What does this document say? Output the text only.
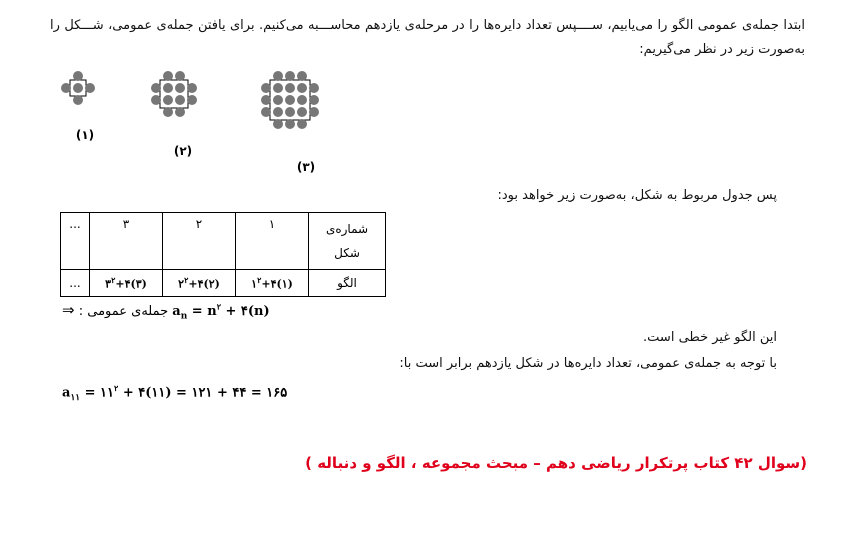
ابتدا جمله‌ی عمومی الگو را می‌یابیم، ســــپس تعداد دایره‌ها را در مرحله‌ی یازدهم محاســـبه می‌کنیم. برای یافتن جمله‌ی عمومی، شـــکل را به‌صورت زیر در نظر می‌گیریم:
(۱)
(۲)
(۳)
پس جدول مربوط به شکل، به‌صورت زیر خواهد بود:
شماره‌ی شکل	۱	۲	۳	...
الگو	$۱^۲+۴(۱)$	$۲^۲+۴(۲)$	$۳^۲+۴(۳)$	...
⇒ جمله‌ی عمومی : $a_n = n^۲$ + ۴(n)
این الگو غیر خطی است.
با توجه به جمله‌ی عمومی، تعداد دایره‌ها در شکل یازدهم برابر است با:
$a_{۱۱}$ = $۱۱^۲$ + ۴(۱۱) = ۱۲۱ + ۴۴ = ۱۶۵
(سوال ۴۲ کتاب پرتکرار ریاضی دهم – مبحث مجموعه ، الگو و دنباله )
